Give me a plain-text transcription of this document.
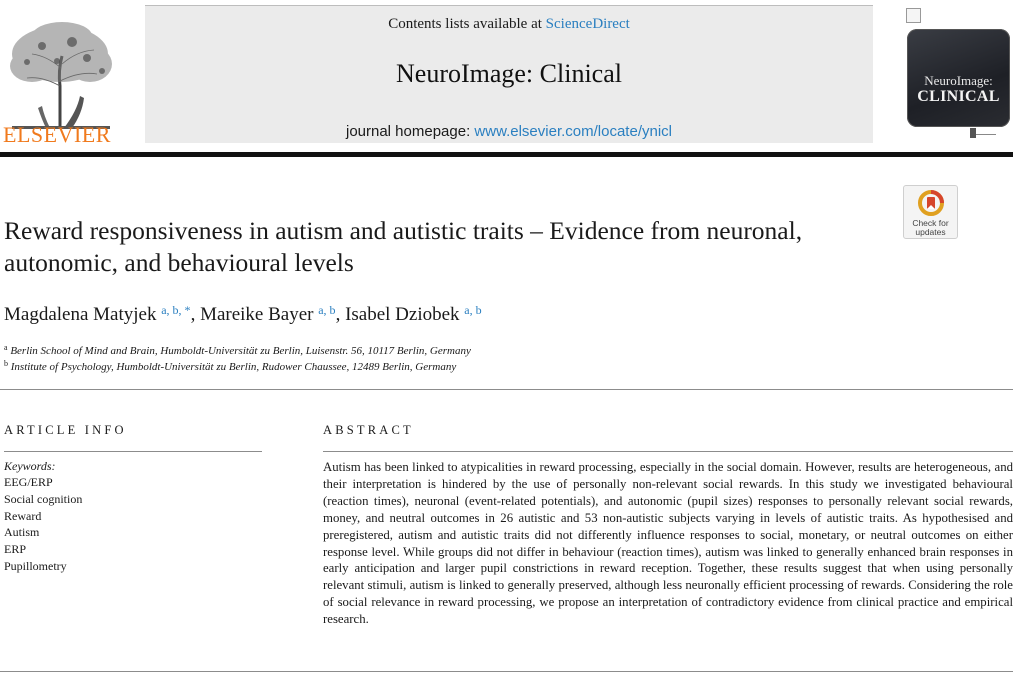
ELSEVIER
Contents lists available at ScienceDirect
NeuroImage: Clinical
journal homepage: www.elsevier.com/locate/ynicl
NeuroImage:
CLINICAL
Check for
updates
Reward responsiveness in autism and autistic traits – Evidence from neuronal, autonomic, and behavioural levels
Magdalena Matyjek $^{a, b, *}$, Mareike Bayer $^{a, b}$, Isabel Dziobek $^{a, b}$
$^a$ Berlin School of Mind and Brain, Humboldt-Universität zu Berlin, Luisenstr. 56, 10117 Berlin, Germany
$^b$ Institute of Psychology, Humboldt-Universität zu Berlin, Rudower Chaussee, 12489 Berlin, Germany
ARTICLE INFO	ABSTRACT
Keywords:
EEG/ERP
Social cognition
Reward
Autism
ERP
Pupillometry
Autism has been linked to atypicalities in reward processing, especially in the social domain. However, results are heterogeneous, and their interpretation is hindered by the use of personally non-relevant social rewards. In this study we investigated behavioural (reaction times), neuronal (event-related potentials), and autonomic (pupil sizes) responses to personally relevant social rewards, money, and neutral outcomes in 26 autistic and 53 non-autistic subjects varying in levels of autistic traits. As hypothesised and preregistered, autism and autistic traits did not differently influence responses to social, monetary, or neutral outcomes on either response level. While groups did not differ in behaviour (reaction times), autism was linked to generally enhanced brain responses in early anticipation and larger pupil constrictions in reward reception. Together, these results suggest that when using personally relevant stimuli, autism is linked to generally preserved, although less neuronally efficient processing of rewards. Considering the role of social relevance in reward processing, we propose an interpretation of contradictory evidence from clinical practice and empirical research.
